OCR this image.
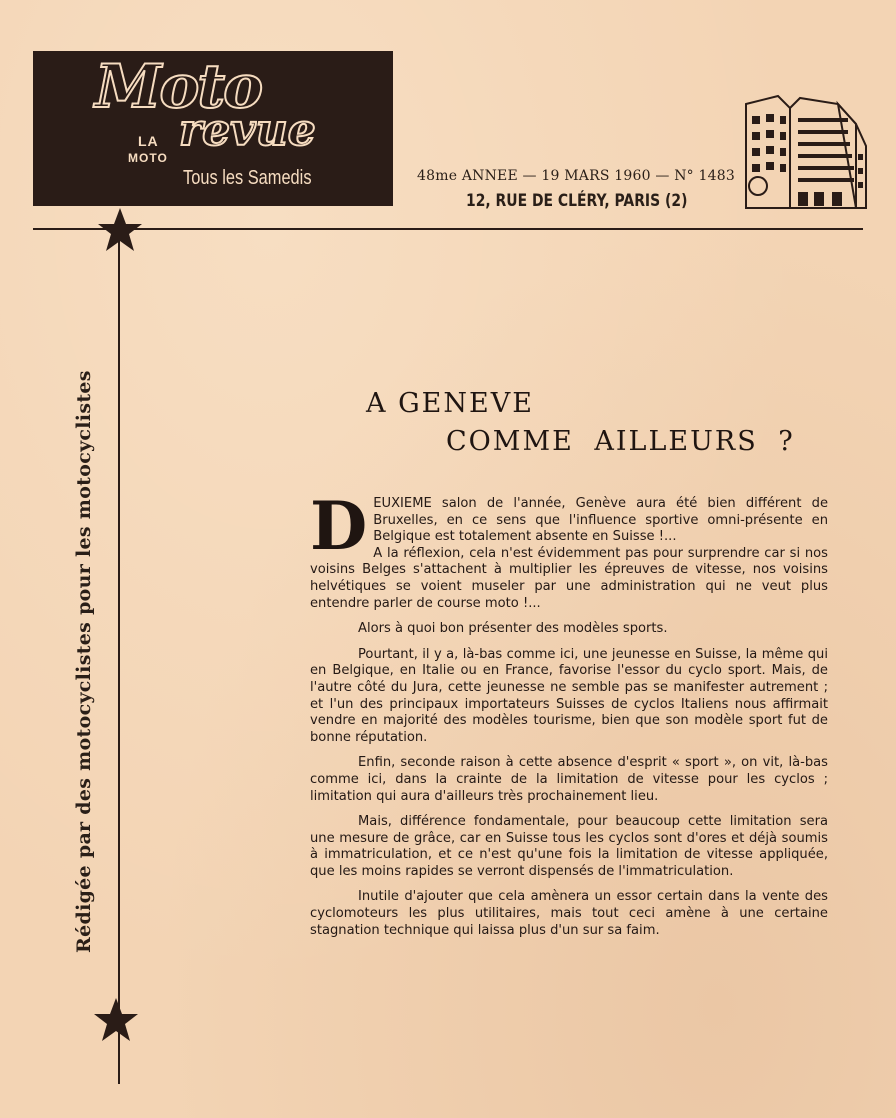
Moto
LA
MOTO
revue
Tous les Samedis	48me ANNEE — 19 MARS 1960 — N° 1483
12, RUE DE CLÉRY, PARIS (2)
Rédigée par des motocyclistes pour les motocyclistes	A GENEVE
COMME AILLEURS ?

DEUXIEME salon de l'année, Genève aura été bien différent de Bruxelles, en ce sens que l'influence sportive omni-présente en Belgique est totalement absente en Suisse !...

A la réflexion, cela n'est évidemment pas pour surprendre car si nos voisins Belges s'attachent à multiplier les épreuves de vitesse, nos voisins helvétiques se voient museler par une administration qui ne veut plus entendre parler de course moto !...

Alors à quoi bon présenter des modèles sports.

Pourtant, il y a, là-bas comme ici, une jeunesse en Suisse, la même qui en Belgique, en Italie ou en France, favorise l'essor du cyclo sport. Mais, de l'autre côté du Jura, cette jeunesse ne semble pas se manifester autrement ; et l'un des principaux importateurs Suisses de cyclos Italiens nous affirmait vendre en majorité des modèles tourisme, bien que son modèle sport fut de bonne réputation.

Enfin, seconde raison à cette absence d'esprit « sport », on vit, là-bas comme ici, dans la crainte de la limitation de vitesse pour les cyclos ; limitation qui aura d'ailleurs très prochainement lieu.

Mais, différence fondamentale, pour beaucoup cette limitation sera une mesure de grâce, car en Suisse tous les cyclos sont d'ores et déjà soumis à immatriculation, et ce n'est qu'une fois la limitation de vitesse appliquée, que les moins rapides se verront dispensés de l'immatriculation.

Inutile d'ajouter que cela amènera un essor certain dans la vente des cyclomoteurs les plus utilitaires, mais tout ceci amène à une certaine stagnation technique qui laissa plus d'un sur sa faim.
